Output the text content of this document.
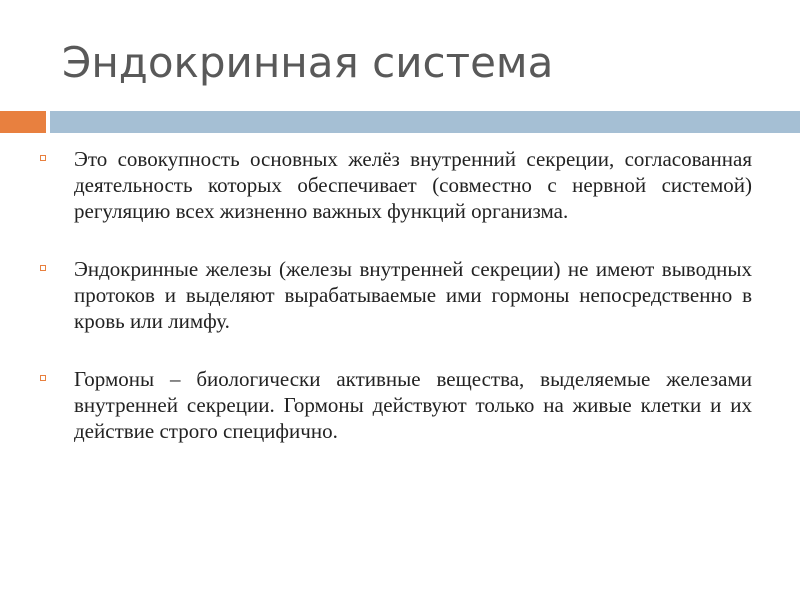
Эндокринная система

Это совокупность основных желёз внутренний секреции, согласованная деятельность которых обеспечивает (совместно с нервной системой) регуляцию всех жизненно важных функций организма.

Эндокринные железы (железы внутренней секреции) не имеют выводных протоков и выделяют вырабатываемые ими гормоны непосредственно в кровь или лимфу.

Гормоны – биологически активные вещества, выделяемые железами внутренней секреции. Гормоны действуют только на живые клетки и их действие строго специфично.
